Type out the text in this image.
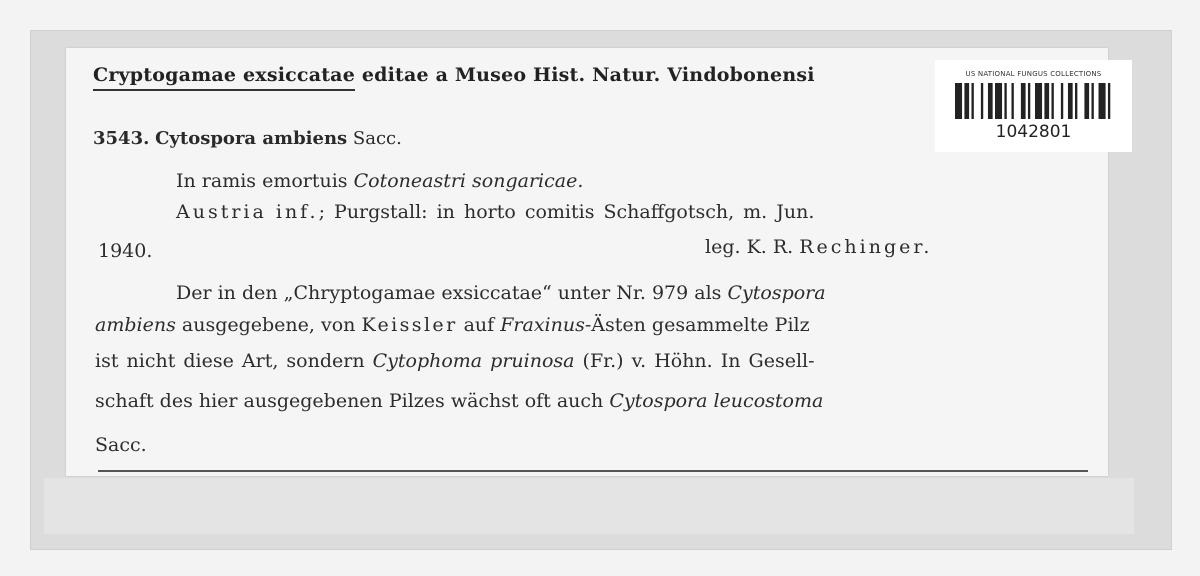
Cryptogamae exsiccatae editae a Museo Hist. Natur. Vindobonensi
3543. Cytospora ambiens Sacc.
In ramis emortuis Cotoneastri songaricae.
Austria inf.; Purgstall: in horto comitis Schaffgotsch, m. Jun.
1940.	leg. K. R. Rechinger.
Der in den „Chryptogamae exsiccatae“ unter Nr. 979 als Cytospora
ambiens ausgegebene, von Keissler auf Fraxinus-Ästen gesammelte Pilz
ist nicht diese Art, sondern Cytophoma pruinosa (Fr.) v. Höhn. In Gesell-
schaft des hier ausgegebenen Pilzes wächst oft auch Cytospora leucostoma
Sacc.
US NATIONAL FUNGUS COLLECTIONS
1042801
